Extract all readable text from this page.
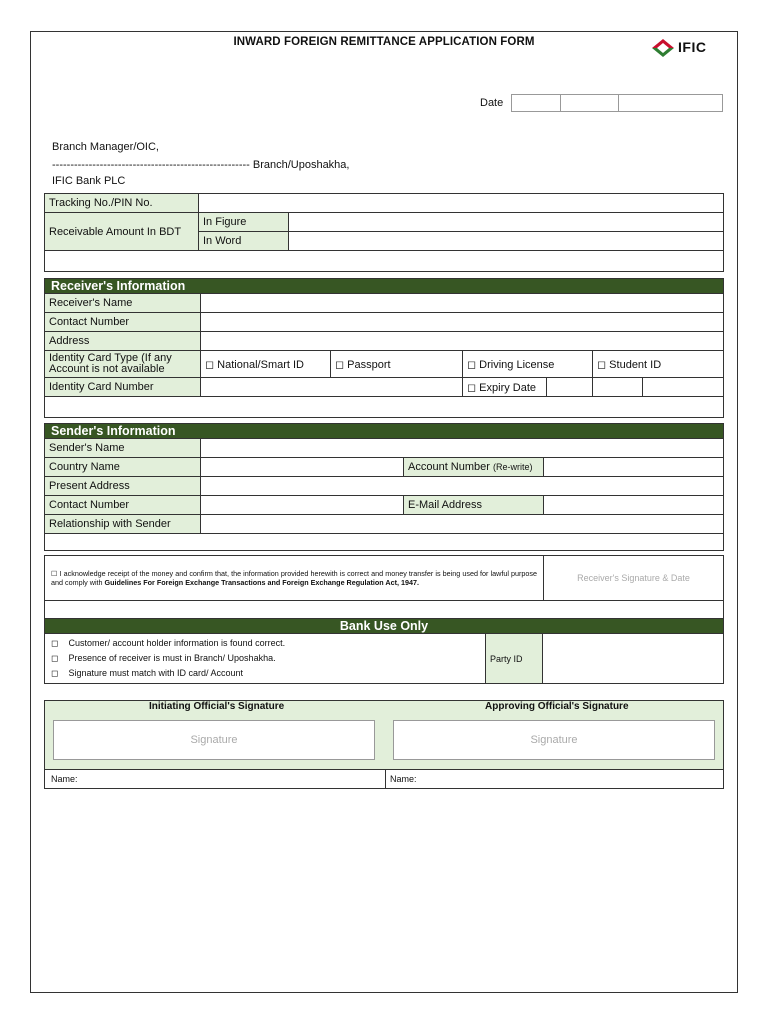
INWARD FOREIGN REMITTANCE APPLICATION FORM	IFIC
Date
Branch Manager/OIC,
------------------------------------------------------ Branch/Uposhakha,
IFIC Bank PLC
Tracking No./PIN No.		
Receivable Amount In BDT	In Figure	
	In Word	

Receiver's Information						
Receiver's Name						
Contact Number						
Address						
Identity Card Type (If any Account is not available	◻ National/Smart ID	◻ Passport	◻ Driving License		◻ Student ID	
Identity Card Number			◻ Expiry Date			

Sender's Information			
Sender's Name			
Country Name		Account Number (Re-write)	
Present Address			
Contact Number		E-Mail Address	
Relationship with Sender			

☐ I acknowledge receipt of the money and confirm that, the information provided herewith is correct and money transfer is being used for lawful purpose and comply with Guidelines For Foreign Exchange Transactions and Foreign Exchange Regulation Act, 1947.	Receiver's Signature & Date

Bank Use Only

◻ Customer/ account holder information is found correct.
◻ Presence of receiver is must in Branch/ Uposhakha.
◻ Signature must match with ID card/ Account
	Party ID	
Initiating Official's Signature	Approving Official's Signature
Signature	Signature
Name:	Name:
